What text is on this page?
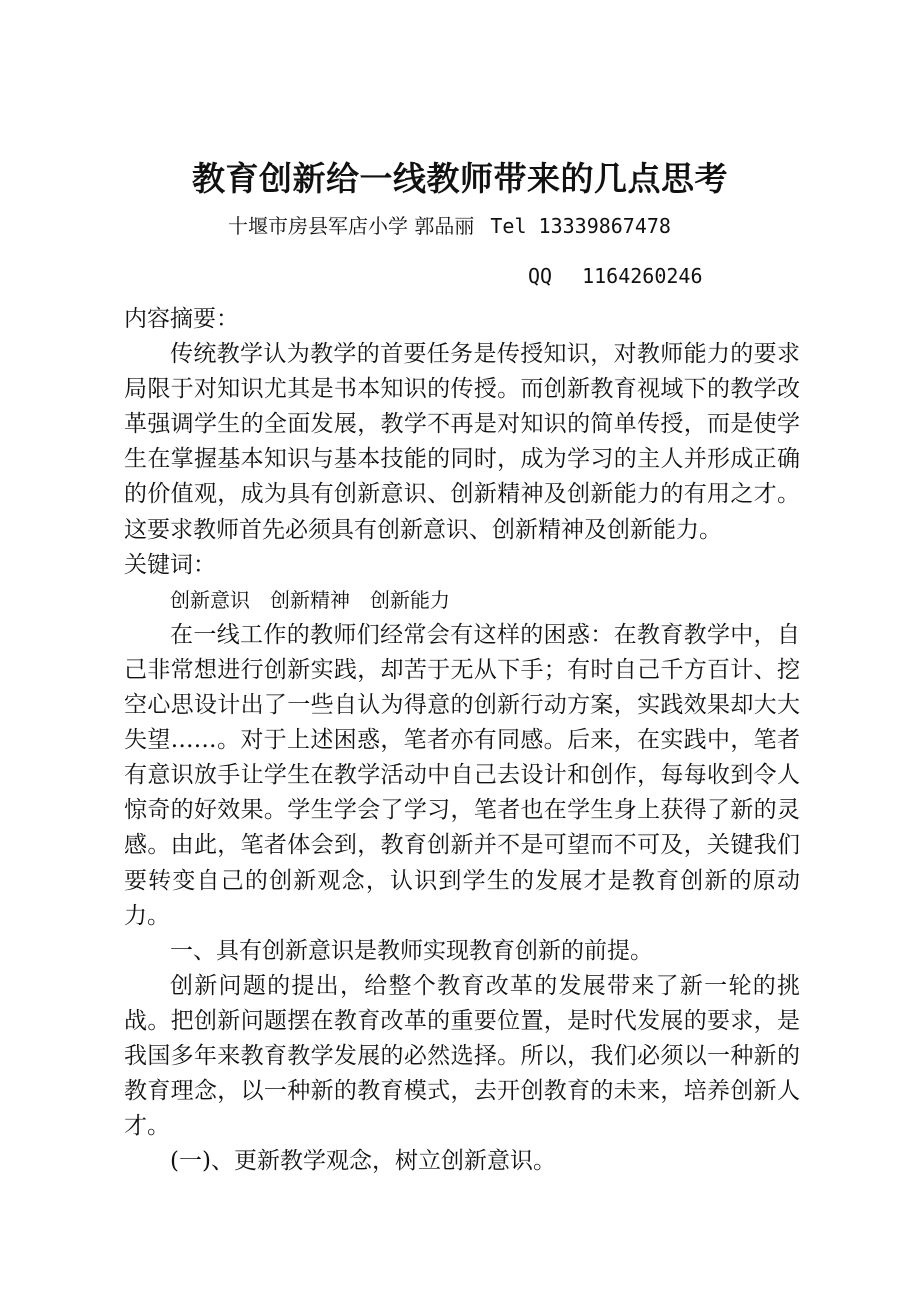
教育创新给一线教师带来的几点思考
十堰市房县军店小学 郭品丽 Tel 13339867478
QQ 1164260246

内容摘要：

传统教学认为教学的首要任务是传授知识，对教师能力的要求局限于对知识尤其是书本知识的传授。而创新教育视域下的教学改革强调学生的全面发展，教学不再是对知识的简单传授，而是使学生在掌握基本知识与基本技能的同时，成为学习的主人并形成正确的价值观，成为具有创新意识、创新精神及创新能力的有用之才。这要求教师首先必须具有创新意识、创新精神及创新能力。

关键词：

创新意识 创新精神 创新能力

在一线工作的教师们经常会有这样的困惑：在教育教学中，自己非常想进行创新实践，却苦于无从下手；有时自己千方百计、挖空心思设计出了一些自认为得意的创新行动方案，实践效果却大大失望……。对于上述困惑，笔者亦有同感。后来，在实践中，笔者有意识放手让学生在教学活动中自己去设计和创作，每每收到令人惊奇的好效果。学生学会了学习，笔者也在学生身上获得了新的灵感。由此，笔者体会到，教育创新并不是可望而不可及，关键我们要转变自己的创新观念，认识到学生的发展才是教育创新的原动力。

一、具有创新意识是教师实现教育创新的前提。

创新问题的提出，给整个教育改革的发展带来了新一轮的挑战。把创新问题摆在教育改革的重要位置，是时代发展的要求，是我国多年来教育教学发展的必然选择。所以，我们必须以一种新的教育理念，以一种新的教育模式，去开创教育的未来，培养创新人才。

(一)、更新教学观念，树立创新意识。
